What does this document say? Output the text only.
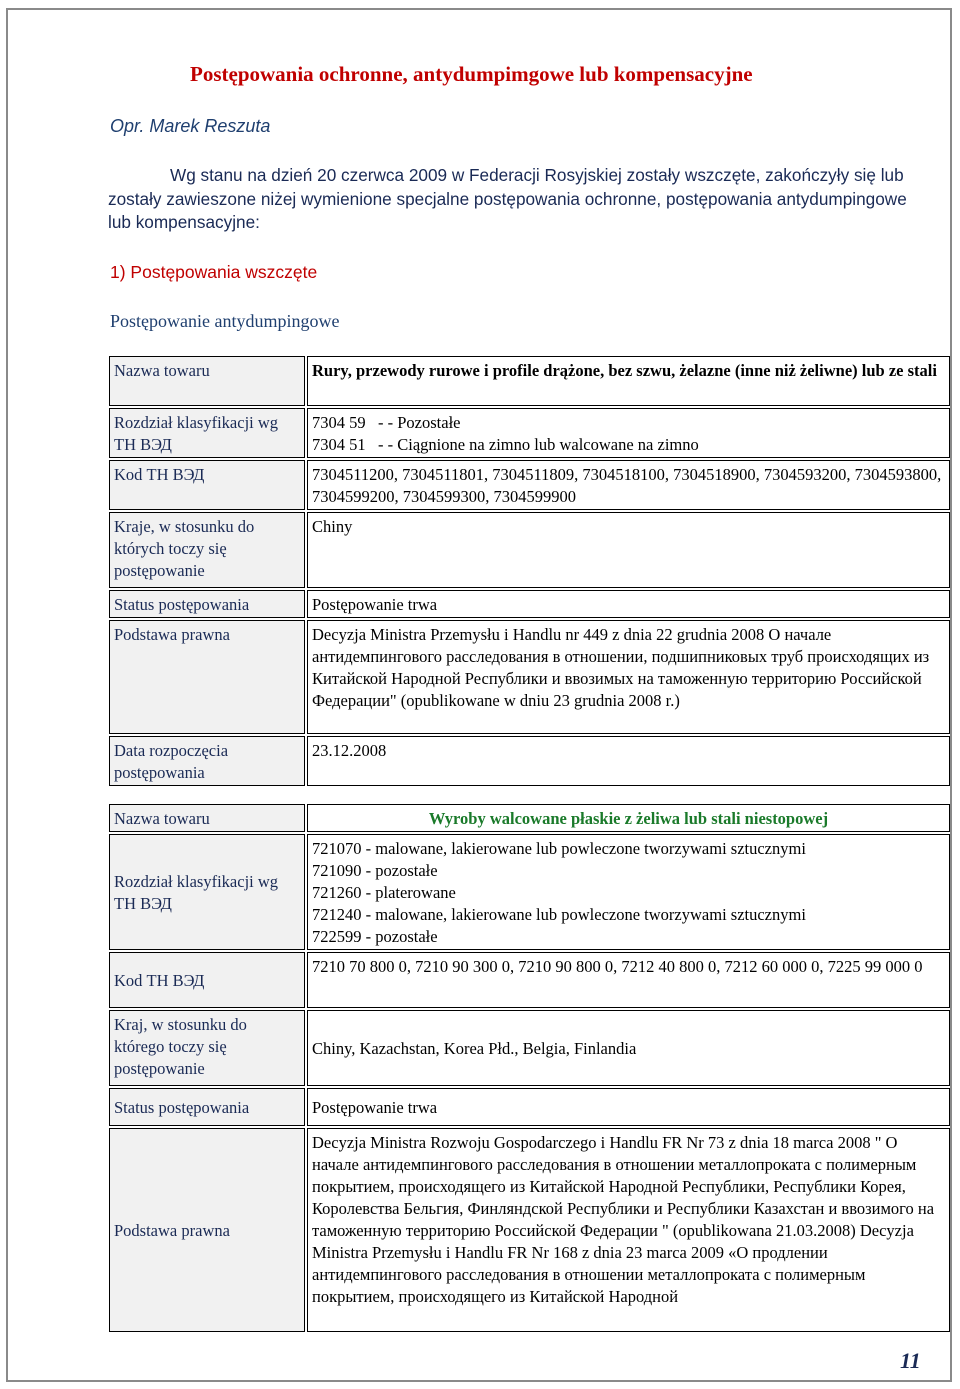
Postępowania ochronne, antydumpimgowe lub kompensacyjne
Opr. Marek Reszuta

Wg stanu na dzień 20 czerwca 2009 w Federacji Rosyjskiej zostały wszczęte, zakończyły się lub zostały zawieszone niżej wymienione specjalne postępowania ochronne, postępowania antydumpingowe lub kompensacyjne:

1) Postępowania wszczęte
Postępowanie antydumpingowe
Nazwa towaru	Rury, przewody rurowe i profile drążone, bez szwu, żelazne (inne niż żeliwne) lub ze stali
Rozdział klasyfikacji wg ТН ВЭД	7304 59   - - Pozostałe
7304 51   - - Ciągnione na zimno lub walcowane na zimno

Kod ТН ВЭД	7304511200, 7304511801, 7304511809, 7304518100, 7304518900, 7304593200, 7304593800, 7304599200, 7304599300, 7304599900
Kraje, w stosunku do których toczy się postępowanie	Chiny
Status postępowania	Postępowanie trwa
Podstawa prawna	Decyzja Ministra Przemysłu i Handlu nr 449 z dnia 22 grudnia 2008 О начале антидемпингового расследования в отношении, подшипниковых труб происходящих из Китайской Народной Республики и ввозимых на таможенную территорию Российской Федерации" (opublikowane w dniu 23 grudnia 2008 r.)
Data rozpoczęcia postępowania	23.12.2008
Nazwa towaru	Wyroby walcowane płaskie z żeliwa lub stali niestopowej

Rozdział klasyfikacji wg ТН ВЭД	721070 - malowane, lakierowane lub powleczone tworzywami sztucznymi
721090 - pozostałe
721260 - platerowane
721240 - malowane, lakierowane lub powleczone tworzywami sztucznymi
722599 - pozostałe

Kod ТН ВЭД	7210 70 800 0, 7210 90 300 0, 7210 90 800 0, 7212 40 800 0, 7212 60 000 0, 7225 99 000 0
Kraj, w stosunku do którego toczy się postępowanie	Chiny, Kazachstan, Korea Płd., Belgia, Finlandia
Status postępowania	Postępowanie trwa
Podstawa prawna	Decyzja Ministra Rozwoju Gospodarczego i Handlu FR Nr 73 z dnia 18 marca 2008 " О начале антидемпингового расследования в отношении металлопроката с полимерным покрытием, происходящего из Китайской Народной Республики, Республики Корея, Королевства Бельгия, Финляндской Республики и Республики Казахстан и ввозимого на таможенную территорию Российской Федерации " (opublikowana 21.03.2008) Decyzja Ministra Przemysłu i Handlu FR Nr 168 z dnia 23 marca 2009 «О продлении антидемпингового расследования в отношении металлопроката с полимерным покрытием, происходящего из Китайской Народной
11
